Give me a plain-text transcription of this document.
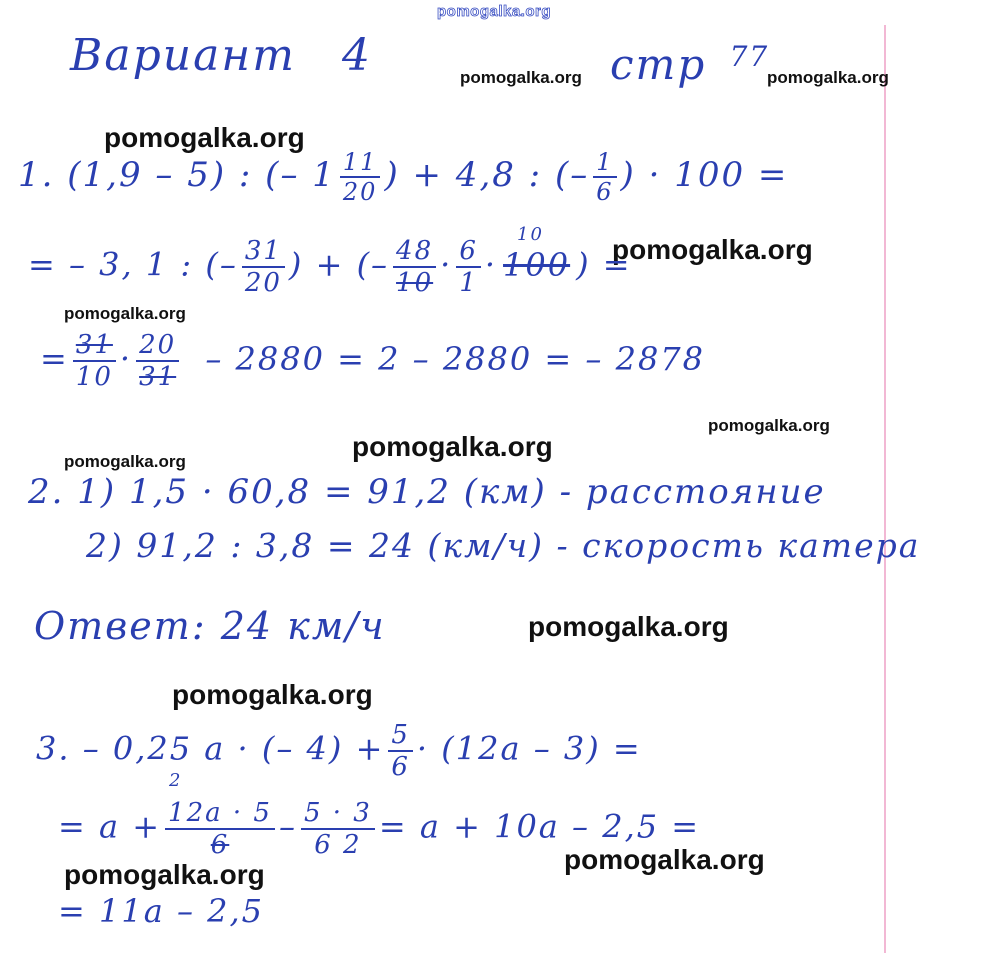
pomogalka.org
pomogalka.org	pomogalka.org
pomogalka.org
pomogalka.org
pomogalka.org
pomogalka.org
pomogalka.org
pomogalka.org
pomogalka.org
pomogalka.org
pomogalka.org
pomogalka.org
Вариант 4	стр $^{77}$
1. (1,9 – 5) : (– $1 \frac{11}{20}$ ) + 4,8 : (– $\frac{1}{6}$ ) · 100 =
= – 3, 1 : (– $\frac{31}{20}$ ) + (– $\frac{48}{10} \cdot \frac{6}{1}$ ·
10
100 ) =
= $\frac{31}{10} \cdot \frac{20}{31} - 2880 = 2 - 2880$ = – 2878
2. 1) 1,5 · 60,8 = 91,2 (км) - расстояние
2) 91,2 : 3,8 = 24 (км/ч) - скорость катера
Ответ: 24 км/ч
3. – 0,25 a · (– $4) + \frac{5}{6} \cdot (12a - 3)$ =
= a +
2
$\frac{12a \cdot 5}{6} - \frac{5 \cdot 3}{6 2} = a + 10a - 2,5$ =
= 11a – 2,5
